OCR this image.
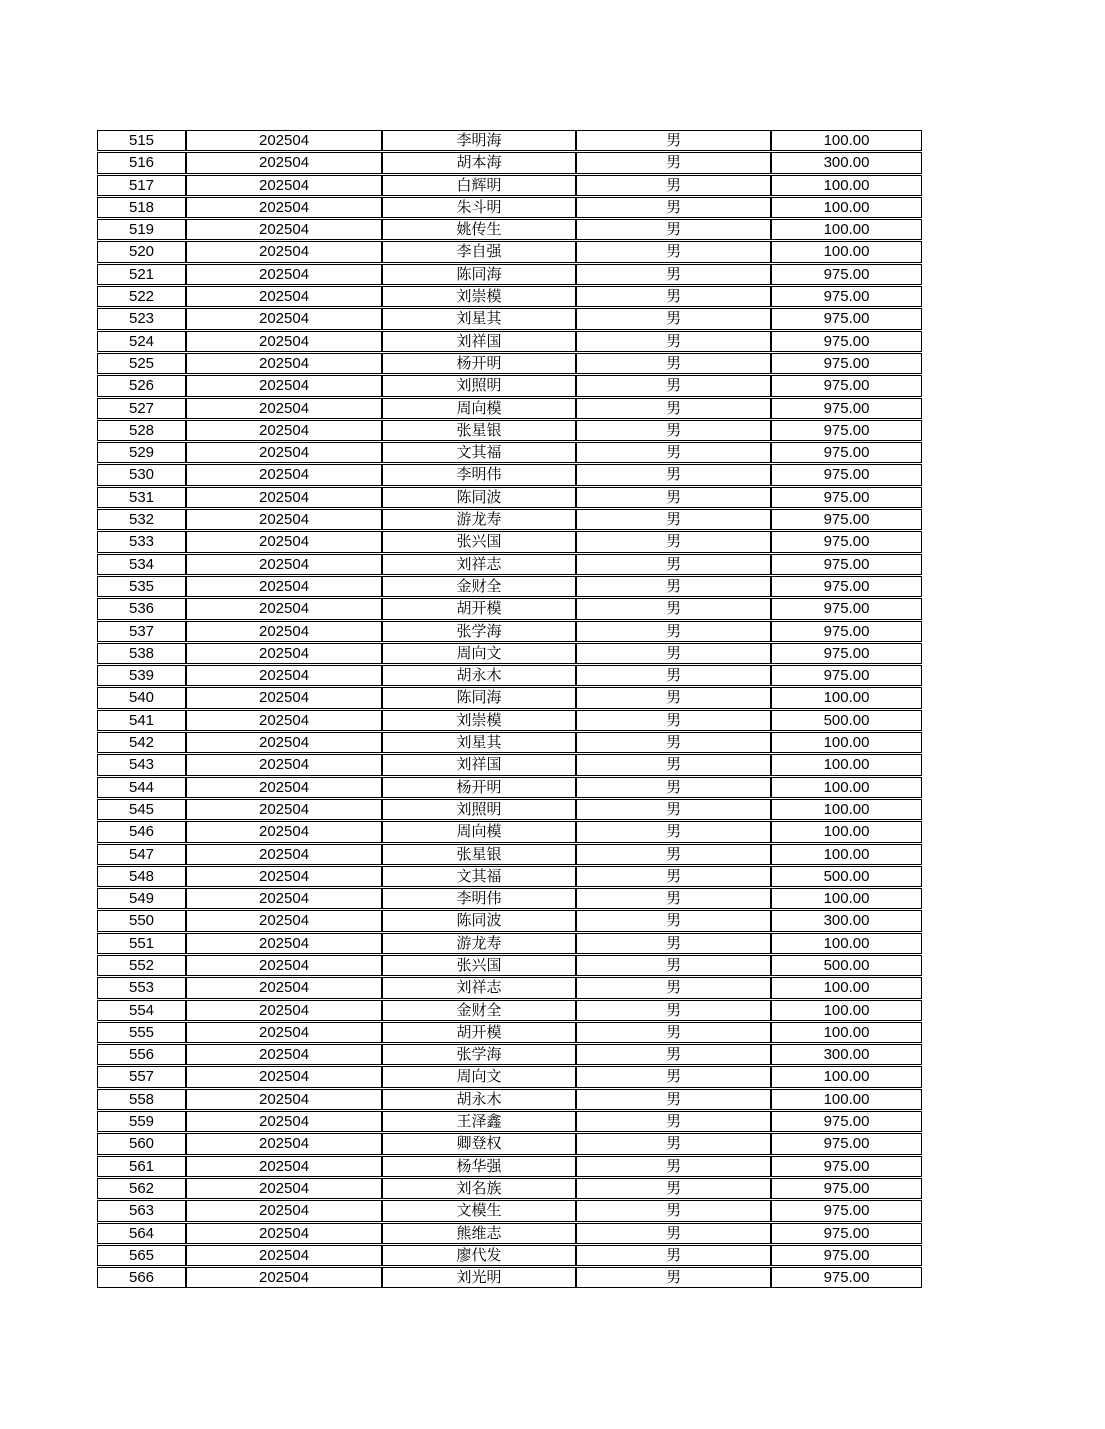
515	202504	李明海	男	100.00
516	202504	胡本海	男	300.00
517	202504	白辉明	男	100.00
518	202504	朱斗明	男	100.00
519	202504	姚传生	男	100.00
520	202504	李自强	男	100.00
521	202504	陈同海	男	975.00
522	202504	刘崇模	男	975.00
523	202504	刘星其	男	975.00
524	202504	刘祥国	男	975.00
525	202504	杨开明	男	975.00
526	202504	刘照明	男	975.00
527	202504	周向模	男	975.00
528	202504	张星银	男	975.00
529	202504	文其福	男	975.00
530	202504	李明伟	男	975.00
531	202504	陈同波	男	975.00
532	202504	游龙寿	男	975.00
533	202504	张兴国	男	975.00
534	202504	刘祥志	男	975.00
535	202504	金财全	男	975.00
536	202504	胡开模	男	975.00
537	202504	张学海	男	975.00
538	202504	周向文	男	975.00
539	202504	胡永木	男	975.00
540	202504	陈同海	男	100.00
541	202504	刘崇模	男	500.00
542	202504	刘星其	男	100.00
543	202504	刘祥国	男	100.00
544	202504	杨开明	男	100.00
545	202504	刘照明	男	100.00
546	202504	周向模	男	100.00
547	202504	张星银	男	100.00
548	202504	文其福	男	500.00
549	202504	李明伟	男	100.00
550	202504	陈同波	男	300.00
551	202504	游龙寿	男	100.00
552	202504	张兴国	男	500.00
553	202504	刘祥志	男	100.00
554	202504	金财全	男	100.00
555	202504	胡开模	男	100.00
556	202504	张学海	男	300.00
557	202504	周向文	男	100.00
558	202504	胡永木	男	100.00
559	202504	王泽鑫	男	975.00
560	202504	卿登权	男	975.00
561	202504	杨华强	男	975.00
562	202504	刘名族	男	975.00
563	202504	文模生	男	975.00
564	202504	熊维志	男	975.00
565	202504	廖代发	男	975.00
566	202504	刘光明	男	975.00
